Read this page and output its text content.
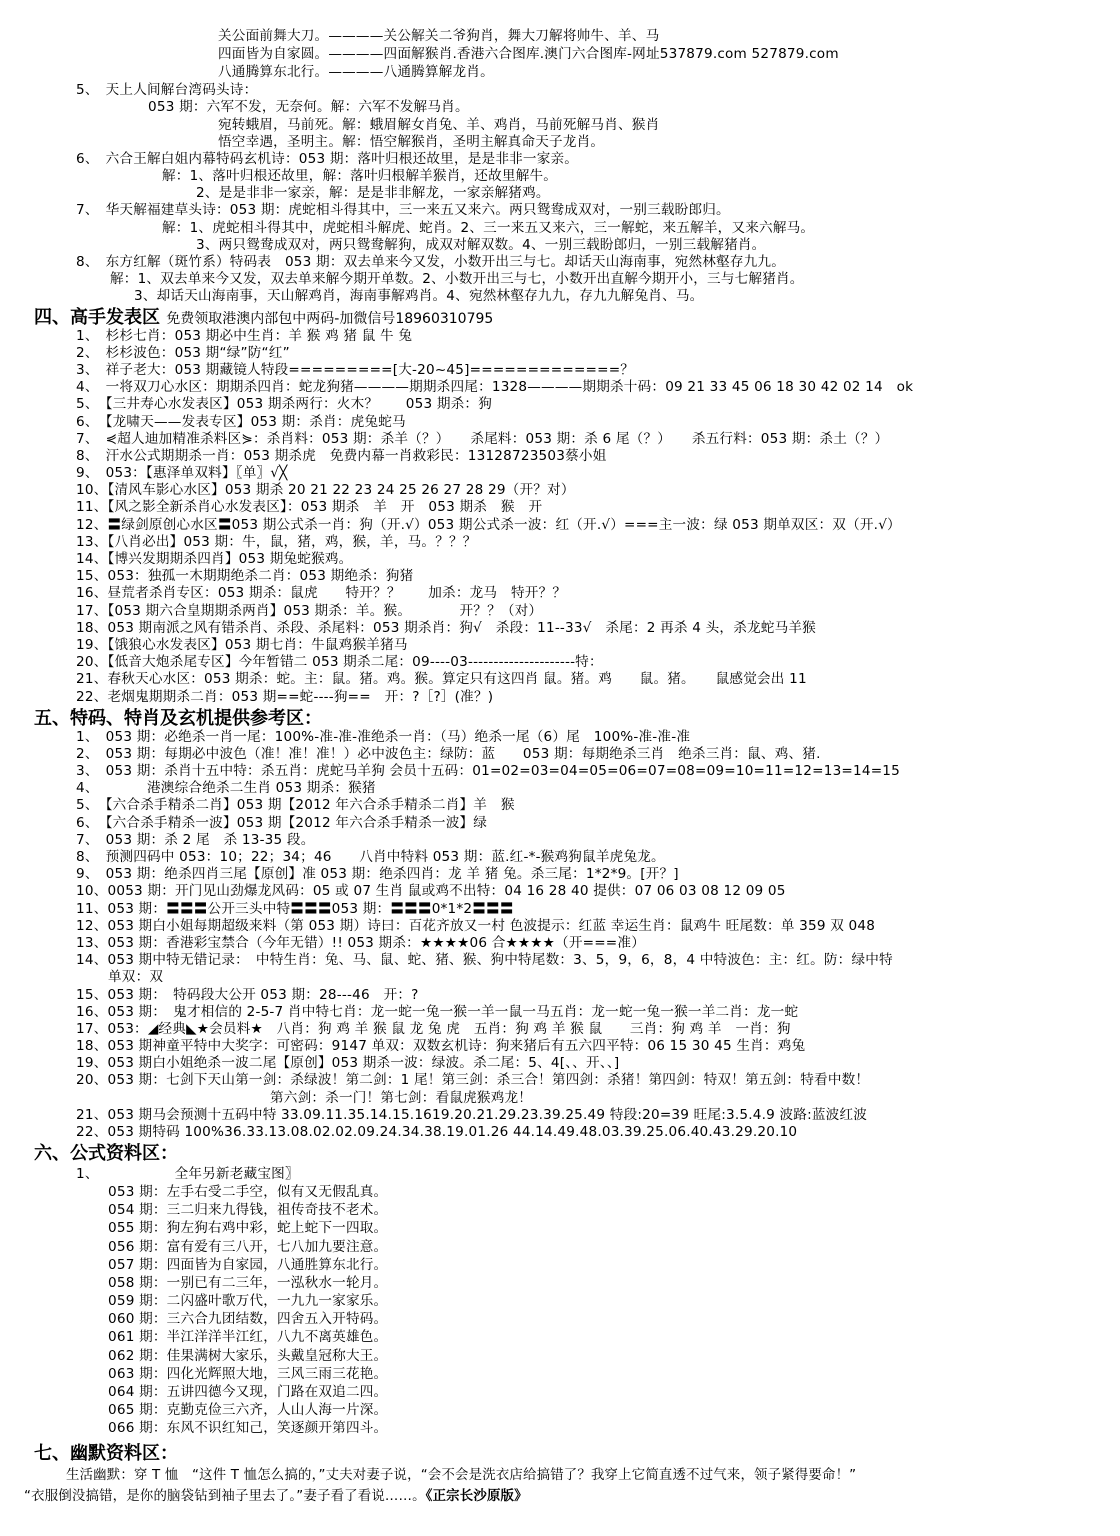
关公面前舞大刀。————关公解关二爷狗肖，舞大刀解将帅牛、羊、马
四面皆为自家圆。————四面解猴肖.香港六合图库.澳门六合图库-网址537879.com 527879.com
八通腾算东北行。————八通腾算解龙肖。
5、　天上人间解台湾码头诗：
053 期：六军不发，无奈何。解：六军不发解马肖。
宛转蛾眉，马前死。解：蛾眉解女肖兔、羊、鸡肖，马前死解马肖、猴肖
悟空幸遇，圣明主。解：悟空解猴肖，圣明主解真命天子龙肖。
6、　六合王解白姐内幕特码玄机诗：053 期：落叶归根还故里，是是非非一家亲。
解：1、落叶归根还故里，解：落叶归根解羊猴肖，还故里解牛。
2、是是非非一家亲，解：是是非非解龙，一家亲解猪鸡。
7、　华天解福建草头诗：053 期：虎蛇相斗得其中，三一来五又来六。两只鸳鸯成双对，一别三载盼郎归。
解：1、虎蛇相斗得其中，虎蛇相斗解虎、蛇肖。2、三一来五又来六，三一解蛇，来五解羊，又来六解马。
3、两只鸳鸯成双对，两只鸳鸯解狗，成双对解双数。4、一别三载盼郎归，一别三载解猪肖。
8、　东方红解（斑竹系）特码表　053 期：双去单来今又发，小数开出三与七。却话天山海南事，宛然林壑存九九。
解：1、双去单来今又发，双去单来解今期开单数。2、小数开出三与七，小数开出直解今期开小，三与七解猪肖。
3、却话天山海南事，天山解鸡肖，海南事解鸡肖。4、宛然林壑存九九，存九九解兔肖、马。
四、高手发表区 免费领取港澳内部包中两码-加微信号18960310795
1、　杉杉七肖：053 期必中生肖：羊 猴 鸡 猪 鼠 牛 兔
2、　杉杉波色：053 期“绿”防“红”
3、　祥子老大：053 期藏镜人特段=========[大-20~45]=============？
4、　一将双刀心水区：期期杀四肖：蛇龙狗猪————期期杀四尾：1328————期期杀十码：09 21 33 45 06 18 30 42 02 14　ok
5、　【三井寿心水发表区】053 期杀两行：火木？　　053 期杀：狗
6、　【龙啸天——发表专区】053 期：杀肖：虎兔蛇马
7、　⋞超人迪加精准杀料区⋟：杀肖料：053 期：杀羊（？）　　杀尾料：053 期：杀 6 尾（？）　　杀五行料：053 期：杀土（？）
8、　汗水公式期期杀一肖：053 期杀虎　免费内幕一肖救彩民：13128723503蔡小姐
9、　053：【惠泽单双料】〖单〗√╳
10、【清风车影心水区】053 期杀 20 21 22 23 24 25 26 27 28 29（开？对）
11、【风之影全新杀肖心水发表区】：053 期杀　羊　开　053 期杀　猴　开
12、〓绿剑原创心水区〓053 期公式杀一肖：狗（开.√）053 期公式杀一波：红（开.√）===主一波：绿 053 期单双区：双（开.√）
13、【八肖必出】053 期：牛，鼠，猪，鸡，猴，羊，马。？？？
14、【博兴发期期杀四肖】053 期兔蛇猴鸡。
15、053：独孤一木期期绝杀二肖：053 期绝杀：狗猪
16、昼荒者杀肖专区：053 期杀：鼠虎　　特开？？　　加杀：龙马　特开？？
17、【053 期六合皇期期杀两肖】053 期杀：羊。猴。　　　　开？？（对）
18、053 期南派之风有错杀肖、杀段、杀尾料：053 期杀肖：狗√　杀段：11--33√　杀尾：2 再杀 4 头，杀龙蛇马羊猴
19、【饿狼心水发表区】053 期七肖：牛鼠鸡猴羊猪马
20、【低音大炮杀尾专区】今年暂错二 053 期杀二尾：09----03---------------------特：
21、春秋天心水区：053 期杀：蛇。主：鼠。猪。鸡。猴。算定只有这四肖 鼠。猪。鸡　　鼠。猪。　　鼠感觉会出 11
22、老烟鬼期期杀二肖：053 期==蛇----狗==　开：?［?］(准？)
五、特码、特肖及玄机提供参考区：
1、　053 期：必绝杀一肖一尾：100%-准-准-准绝杀一肖：（马）绝杀一尾（6）尾　100%-准-准-准
2、　053 期：每期必中波色（准！准！准！）必中波色主：绿防：蓝　　053 期：每期绝杀三肖　绝杀三肖：鼠、鸡、猪.
3、　053 期：杀肖十五中特：杀五肖：虎蛇马羊狗 会员十五码：01=02=03=04=05=06=07=08=09=10=11=12=13=14=15
4、　　　　港澳综合绝杀二生肖 053 期杀：猴猪
5、　【六合杀手精杀二肖】053 期【2012 年六合杀手精杀二肖】羊　猴
6、　【六合杀手精杀一波】053 期【2012 年六合杀手精杀一波】绿
7、　053 期：杀 2 尾　杀 13-35 段。
8、　预测四码中 053：10；22；34；46　　八肖中特料 053 期：蓝.红-*-猴鸡狗鼠羊虎兔龙。
9、　053 期：绝杀四肖三尾【原创】准 053 期：绝杀四肖：龙 羊 猪 兔。杀三尾：1*2*9。[开？]
10、0053 期：开门见山劲爆龙风码：05 或 07 生肖 鼠或鸡不出特：04 16 28 40 提供：07 06 03 08 12 09 05
11、053 期：〓〓〓公开三头中特〓〓〓053 期：〓〓〓0*1*2〓〓〓
12、053 期白小姐每期超级来料（第 053 期）诗曰：百花齐放又一村 色波提示：红蓝 幸运生肖：鼠鸡牛 旺尾数：单 359 双 048
13、053 期：香港彩宝禁合（今年无错）!! 053 期杀：★★★★06 合★★★★（开===准）
14、053 期中特无错记录：　中特生肖：兔、马、鼠、蛇、猪、猴、狗中特尾数：3、5，9，6，8，4 中特波色：主：红。防：绿中特
单双：双
15、053 期：　特码段大公开 053 期：28---46　开：?
16、053 期：　鬼才相信的 2-5-7 肖中特七肖：龙一蛇一兔一猴一羊一鼠一马五肖：龙一蛇一兔一猴一羊二肖：龙一蛇
17、053：◢经典◣★会员料★　八肖：狗 鸡 羊 猴 鼠 龙 兔 虎　五肖：狗 鸡 羊 猴 鼠　　三肖：狗 鸡 羊　一肖：狗
18、053 期神童平特中大奖字：可密码：9147 单双：双数玄机诗：狗来猪后有五六四平特：06 15 30 45 生肖：鸡兔
19、053 期白小姐绝杀一波二尾【原创】053 期杀一波：绿波。杀二尾：5、4[、、开、、]
20、053 期：七剑下天山第一剑：杀绿波！第二剑：1 尾！第三剑：杀三合！第四剑：杀猪！第四剑：特双！第五剑：特看中数！
第六剑：杀一门！第七剑：看鼠虎猴鸡龙！
21、053 期马会预测十五码中特 33.09.11.35.14.15.1619.20.21.29.23.39.25.49 特段:20=39 旺尾:3.5.4.9 波路:蓝波红波
22、053 期特码 100%36.33.13.08.02.02.09.24.34.38.19.01.26 44.14.49.48.03.39.25.06.40.43.29.20.10
六、公式资料区：
1、　　　　　　全年另新老藏宝图〗
053 期：左手右受二手空，似有又无假乱真。
054 期：三二归来九得钱，祖传奇技不老术。
055 期：狗左狗右鸡中彩，蛇上蛇下一四取。
056 期：富有爱有三八开，七八加九要注意。
057 期：四面皆为自家园，八通胜算东北行。
058 期：一别已有二三年，一泓秋水一轮月。
059 期：二闪盛叶歌万代，一九九一家家乐。
060 期：三六合九团结数，四舍五入开特码。
061 期：半江洋洋半江红，八九不离英雄色。
062 期：佳果满树大家乐，头戴皇冠称大王。
063 期：四化光辉照大地，三风三雨三花艳。
064 期：五讲四德今又现，门路在双追二四。
065 期：克勤克俭三六齐，人山人海一片深。
066 期：东风不识红知己，笑逐颜开第四斗。
七、幽默资料区：
生活幽默：穿 T 恤　“这件 T 恤怎么搞的，”丈夫对妻子说，“会不会是洗衣店给搞错了？我穿上它简直透不过气来，领子紧得要命！”
“衣服倒没搞错，是你的脑袋钻到袖子里去了。”妻子看了看说……。《正宗长沙原版》
